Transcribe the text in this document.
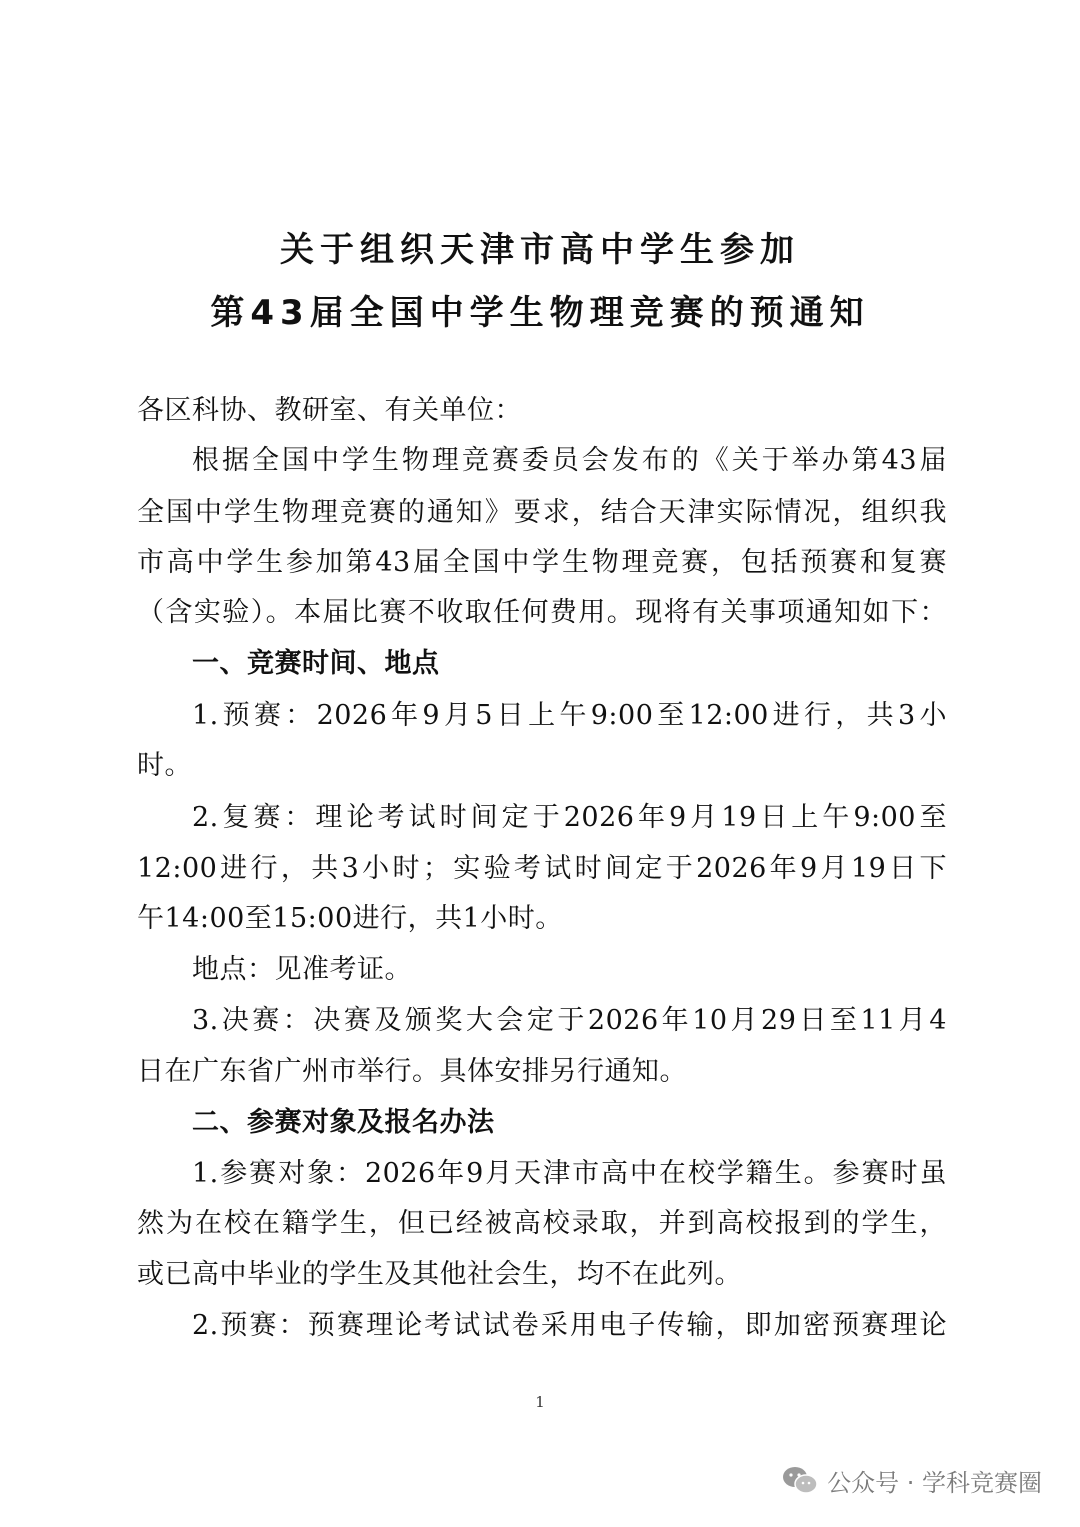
关于组织天津市高中学生参加
第43届全国中学生物理竞赛的预通知
各区科协、教研室、有关单位：
根据全国中学生物理竞赛委员会发布的《关于举办第43届
全国中学生物理竞赛的通知》要求，结合天津实际情况，组织我
市高中学生参加第43届全国中学生物理竞赛，包括预赛和复赛
（含实验）。本届比赛不收取任何费用。现将有关事项通知如下：
一、竞赛时间、地点
1.预赛：2026年9月5日上午9:00至12:00进行，共3小
时。
2.复赛：理论考试时间定于2026年9月19日上午9:00至
12:00进行，共3小时；实验考试时间定于2026年9月19日下
午14:00至15:00进行，共1小时。
地点：见准考证。
3.决赛：决赛及颁奖大会定于2026年10月29日至11月4
日在广东省广州市举行。具体安排另行通知。
二、参赛对象及报名办法
1.参赛对象：2026年9月天津市高中在校学籍生。参赛时虽
然为在校在籍学生，但已经被高校录取，并到高校报到的学生，
或已高中毕业的学生及其他社会生，均不在此列。
2.预赛：预赛理论考试试卷采用电子传输，即加密预赛理论
1
公众号 · 学科竞赛圈
